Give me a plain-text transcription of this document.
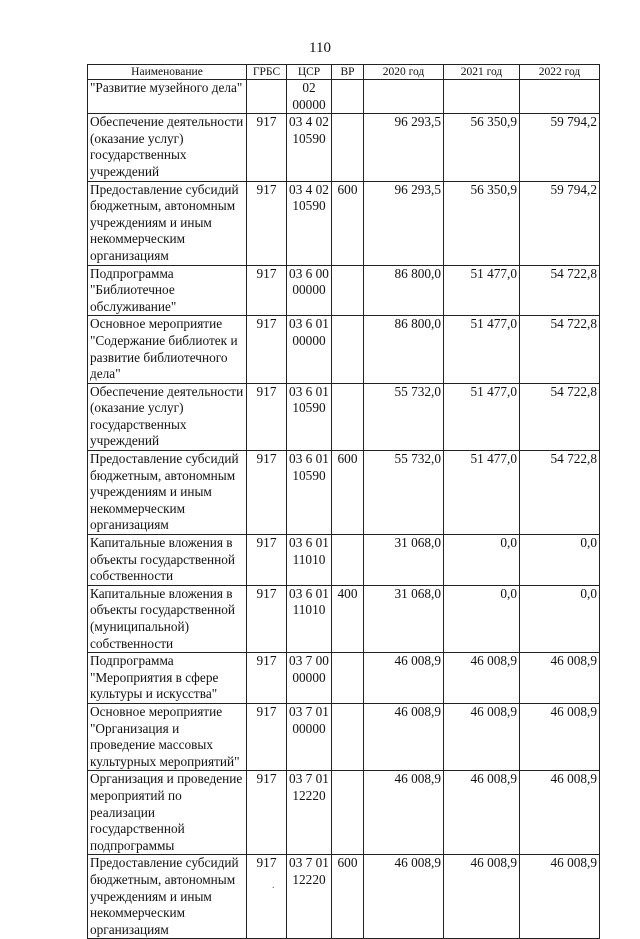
110
Наименование	ГРБС	ЦСР	ВР	2020 год	2021 год	2022 год
"Развитие музейного дела"		02 00000				
Обеспечение деятельности (оказание услуг) государственных учреждений	917	03 4 02 10590		96 293,5	56 350,9	59 794,2
Предоставление субсидий бюджетным, автономным учреждениям и иным некоммерческим организациям	917	03 4 02 10590	600	96 293,5	56 350,9	59 794,2
Подпрограмма "Библиотечное обслуживание"	917	03 6 00 00000		86 800,0	51 477,0	54 722,8
Основное мероприятие "Содержание библиотек и развитие библиотечного дела"	917	03 6 01 00000		86 800,0	51 477,0	54 722,8
Обеспечение деятельности (оказание услуг) государственных учреждений	917	03 6 01 10590		55 732,0	51 477,0	54 722,8
Предоставление субсидий бюджетным, автономным учреждениям и иным некоммерческим организациям	917	03 6 01 10590	600	55 732,0	51 477,0	54 722,8
Капитальные вложения в объекты государственной собственности	917	03 6 01 11010		31 068,0	0,0	0,0
Капитальные вложения в объекты государственной (муниципальной) собственности	917	03 6 01 11010	400	31 068,0	0,0	0,0
Подпрограмма "Мероприятия в сфере культуры и искусства"	917	03 7 00 00000		46 008,9	46 008,9	46 008,9
Основное мероприятие "Организация и проведение массовых культурных мероприятий"	917	03 7 01 00000		46 008,9	46 008,9	46 008,9
Организация и проведение мероприятий по реализации государственной подпрограммы	917	03 7 01 12220		46 008,9	46 008,9	46 008,9
Предоставление субсидий бюджетным, автономным учреждениям и иным некоммерческим организациям	917	03 7 01 12220	600	46 008,9	46 008,9	46 008,9
.
